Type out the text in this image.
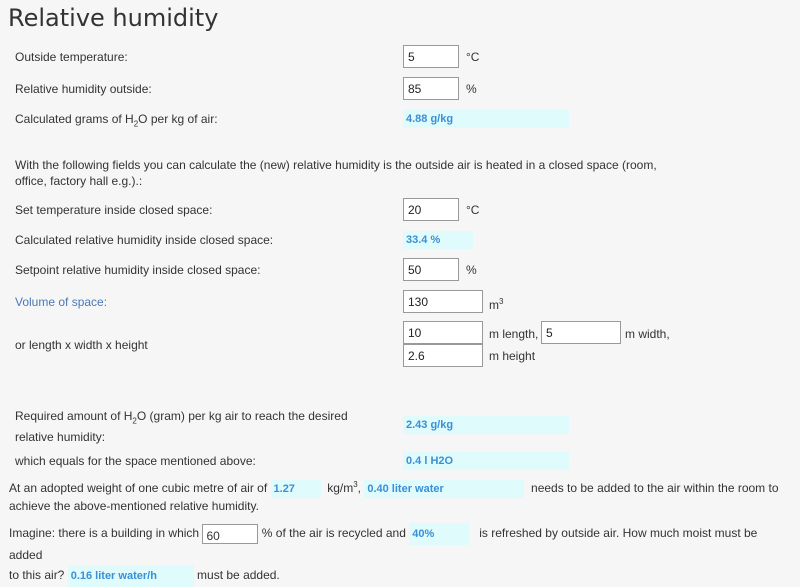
Relative humidity
Outside temperature:
5	°C
Relative humidity outside:
85	%
Calculated grams of $H_2O$ per kg of air:	4.88 g/kg
With the following fields you can calculate the (new) relative humidity is the outside air is heated in a closed space (room, office, factory hall e.g.).:
Set temperature inside closed space:
20	°C
Calculated relative humidity inside closed space:	33.4 %
Setpoint relative humidity inside closed space:
50	%
Volume of space:
130	$m^3$
or length x width x height
10
m length,
5	m width,
2.6
m height
Required amount of $H_2O$ (gram) per kg air to reach the desired relative humidity:
2.43 g/kg
which equals for the space mentioned above:	0.4 l H2O
At an adopted weight of one cubic metre of air of 1.27	$kg/m^3$, 0.40 liter water	needs to be added to the air within the room to
achieve the above-mentioned relative humidity.
Imagine: there is a building in which 60	% of the air is recycled and 40%	is refreshed by outside air. How much moist must be added
to this air? 0.16 liter water/h	must be added.
